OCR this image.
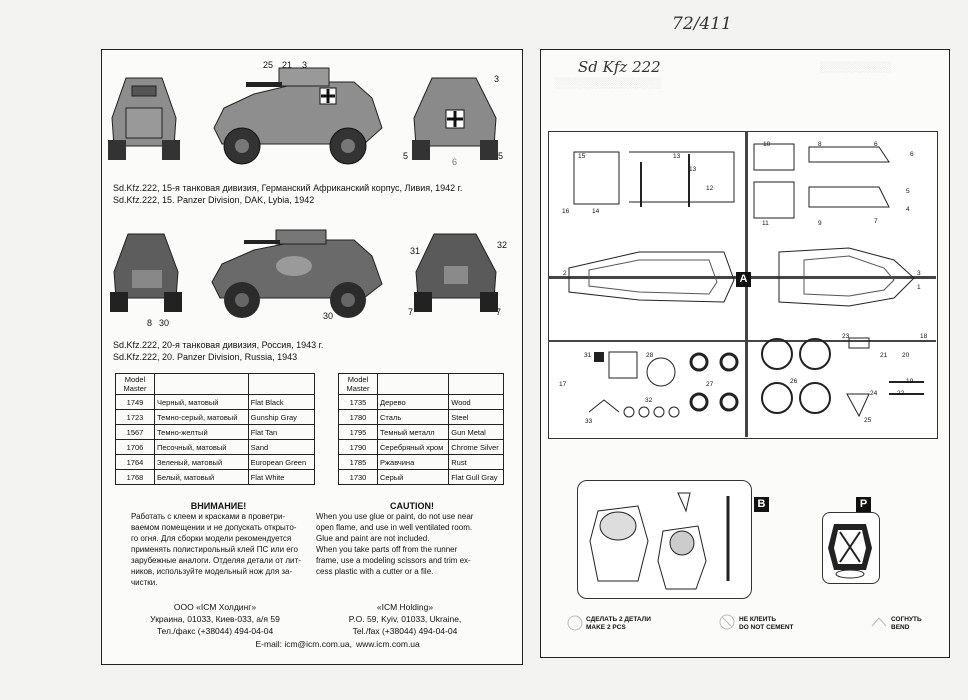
72/411
25 21 3
3
5
5
6
Sd.Kfz.222, 15-я танковая дивизия, Германский Африканский корпус, Ливия, 1942 г.
Sd.Kfz.222, 15. Panzer Division, DAK, Lybia, 1942
8 30
30
31
32
7	7
Sd.Kfz.222, 20-я танковая дивизия, Россия, 1943 г.
Sd.Kfz.222, 20. Panzer Division, Russia, 1943
Model
Master		
1749	Черный, матовый	Flat Black
1723	Темно-серый, матовый	Gunship Gray
1567	Темно-желтый	Flat Tan
1706	Песочный, матовый	Sand
1764	Зеленый, матовый	European Green
1768	Белый, матовый	Flat White
Model
Master		
1735	Дерево	Wood
1780	Сталь	Steel
1795	Темный металл	Gun Metal
1790	Серебряный хром	Chrome Silver
1785	Ржавчина	Rust
1730	Серый	Flat Gull Gray
ВНИМАНИЕ!

Работать с клеем и красками в проветри-

ваемом помещении и не допускать открыто-

го огня. Для сборки модели рекомендуется

применять полистирольный клей ПС или его

зарубежные аналоги. Отделяя детали от лит-

ников, используйте модельный нож для за-

чистки.

CAUTION!

When you use glue or paint, do not use near

open flame, and use in well ventilated room.

Glue and paint are not included.

When you take parts off from the runner

frame, use a modeling scissors and trim ex-

cess plastic with a cutter or a file.

ООО «ICM Холдинг»
Украина, 01033, Киев-033, а/я 59
Тел./факс (+38044) 494-04-04
«ICM Holding»
P.O. 59, Kyiv, 01033, Ukraine,
Tel./fax (+38044) 494-04-04
E-mail: icm@icm.com.ua, www.icm.com.ua
Sd Kfz 222
░░░░░░░░░░░░░░░
░░░░░░░░░░
A
15	13
13
12
16	14
10	8	6
6
11	9	7
5
4
2	3
1
31	28
27	26
25
24
23
22
21 20
19
18
17
33
32
B	P
СДЕЛАТЬ 2 ДЕТАЛИ
MAKE 2 PCS
НЕ КЛЕИТЬ
DO NOT CEMENT
СОГНУТЬ
BEND
